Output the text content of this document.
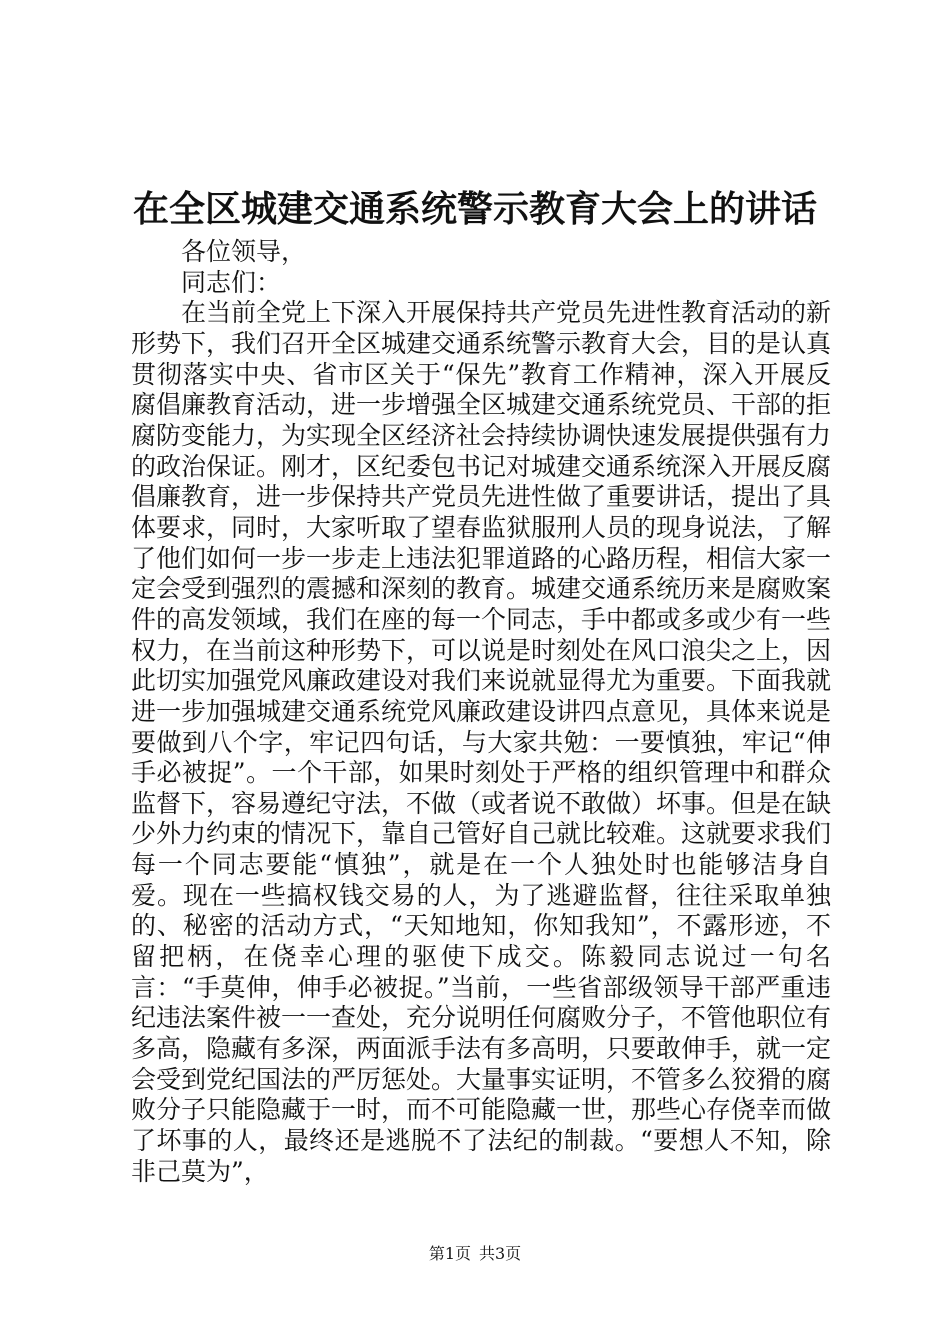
在全区城建交通系统警示教育大会上的讲话

各位领导，

同志们：

在当前全党上下深入开展保持共产党员先进性教育活动的新形势下，我们召开全区城建交通系统警示教育大会，目的是认真贯彻落实中央、省市区关于“保先”教育工作精神，深入开展反腐倡廉教育活动，进一步增强全区城建交通系统党员、干部的拒腐防变能力，为实现全区经济社会持续协调快速发展提供强有力的政治保证。刚才，区纪委包书记对城建交通系统深入开展反腐倡廉教育，进一步保持共产党员先进性做了重要讲话，提出了具体要求，同时，大家听取了望春监狱服刑人员的现身说法，了解了他们如何一步一步走上违法犯罪道路的心路历程，相信大家一定会受到强烈的震撼和深刻的教育。城建交通系统历来是腐败案件的高发领域，我们在座的每一个同志，手中都或多或少有一些权力，在当前这种形势下，可以说是时刻处在风口浪尖之上，因此切实加强党风廉政建设对我们来说就显得尤为重要。下面我就进一步加强城建交通系统党风廉政建设讲四点意见，具体来说是要做到八个字，牢记四句话，与大家共勉：一要慎独，牢记“伸手必被捉”。一个干部，如果时刻处于严格的组织管理中和群众监督下，容易遵纪守法，不做（或者说不敢做）坏事。但是在缺少外力约束的情况下，靠自己管好自己就比较难。这就要求我们每一个同志要能“慎独”，就是在一个人独处时也能够洁身自爱。现在一些搞权钱交易的人，为了逃避监督，往往采取单独的、秘密的活动方式，“天知地知，你知我知”，不露形迹，不留把柄，在侥幸心理的驱使下成交。陈毅同志说过一句名言：“手莫伸，伸手必被捉。”当前，一些省部级领导干部严重违纪违法案件被一一查处，充分说明任何腐败分子，不管他职位有多高，隐藏有多深，两面派手法有多高明，只要敢伸手，就一定会受到党纪国法的严厉惩处。大量事实证明，不管多么狡猾的腐败分子只能隐藏于一时，而不可能隐藏一世，那些心存侥幸而做了坏事的人，最终还是逃脱不了法纪的制裁。“要想人不知，除非己莫为”，

第1页 共3页
